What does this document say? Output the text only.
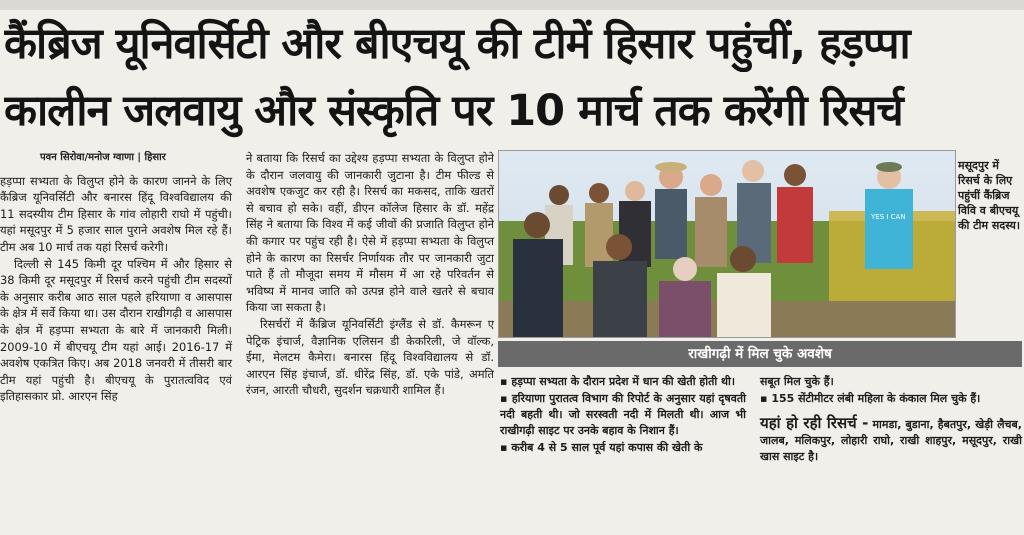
कैंब्रिज यूनिवर्सिटी और बीएचयू की टीमें हिसार पहुंचीं, हड़प्पा
कालीन जलवायु और संस्कृति पर 10 मार्च तक करेंगी रिसर्च

पवन सिरोवा/मनोज ग्वाणा | हिसार

हड़प्पा सभ्यता के विलुप्त होने के कारण जानने के लिए कैंब्रिज यूनिवर्सिटी और बनारस हिंदू विश्वविद्यालय की 11 सदस्यीय टीम हिसार के गांव लोहारी राघो में पहुंची। यहां मसूदपुर में 5 हजार साल पुराने अवशेष मिल रहे हैं। टीम अब 10 मार्च तक यहां रिसर्च करेगी।

दिल्ली से 145 किमी दूर पश्चिम में और हिसार से 38 किमी दूर मसूदपुर में रिसर्च करने पहुंची टीम सदस्यों के अनुसार करीब आठ साल पहले हरियाणा व आसपास के क्षेत्र में सर्वे किया था। उस दौरान राखीगढ़ी व आसपास के क्षेत्र में हड़प्पा सभ्यता के बारे में जानकारी मिली। 2009-10 में बीएचयू टीम यहां आई। 2016-17 में अवशेष एकत्रित किए। अब 2018 जनवरी में तीसरी बार टीम यहां पहुंची है। बीएचयू के पुरातत्वविद एवं इतिहासकार प्रो. आरएन सिंह

ने बताया कि रिसर्च का उद्देश्य हड़प्पा सभ्यता के विलुप्त होने के दौरान जलवायु की जानकारी जुटाना है। टीम फील्ड से अवशेष एकजुट कर रही है। रिसर्च का मकसद, ताकि खतरों से बचाव हो सके। वहीं, डीएन कॉलेज हिसार के डॉ. महेंद्र सिंह ने बताया कि विश्व में कई जीवों की प्रजाति विलुप्त होने की कगार पर पहुंच रही है। ऐसे में हड़प्पा सभ्यता के विलुप्त होने के कारण का रिसर्चर निर्णायक तौर पर जानकारी जुटा पाते हैं तो मौजूदा समय में मौसम में आ रहे परिवर्तन से भविष्य में मानव जाति को उत्पन्न होने वाले खतरे से बचाव किया जा सकता है।

रिसर्चरों में कैंब्रिज यूनिवर्सिटी इंग्लैंड से डॉ. कैमरून ए पेट्रिक इंचार्ज, वैज्ञानिक एलिसन डी केकरिली, जे वॉल्क, ईमा, मेलटम कैमेरा। बनारस हिंदू विश्वविद्यालय से डॉ. आरएन सिंह इंचार्ज, डॉ. धीरेंद्र सिंह, डॉ. एके पांडे, अमति रंजन, आरती चौधरी, सुदर्शन चक्रधारी शामिल हैं।

YES I CAN
मसूदपुर में रिसर्च के लिए पहुंचीं कैंब्रिज विवि व बीएचयू की टीम सदस्य।
राखीगढ़ी में मिल चुके अवशेष

▪ हड़प्पा सभ्यता के दौरान प्रदेश में धान की खेती होती थी।

▪ हरियाणा पुरातत्व विभाग की रिपोर्ट के अनुसार यहां दृषवती नदी बहती थी। जो सरस्वती नदी में मिलती थी। आज भी राखीगढ़ी साइट पर उनके बहाव के निशान हैं।

▪ करीब 4 से 5 साल पूर्व यहां कपास की खेती के

सबूत मिल चुके हैं।

▪ 155 सेंटीमीटर लंबी महिला के कंकाल मिल चुके हैं।

यहां हो रही रिसर्च - मामडा, बुडाना, हैबतपुर, खेड़ी लैचब, जालब, मलिकपुर, लोहारी राघो, राखी शाहपुर, मसूदपुर, राखी खास साइट है।
